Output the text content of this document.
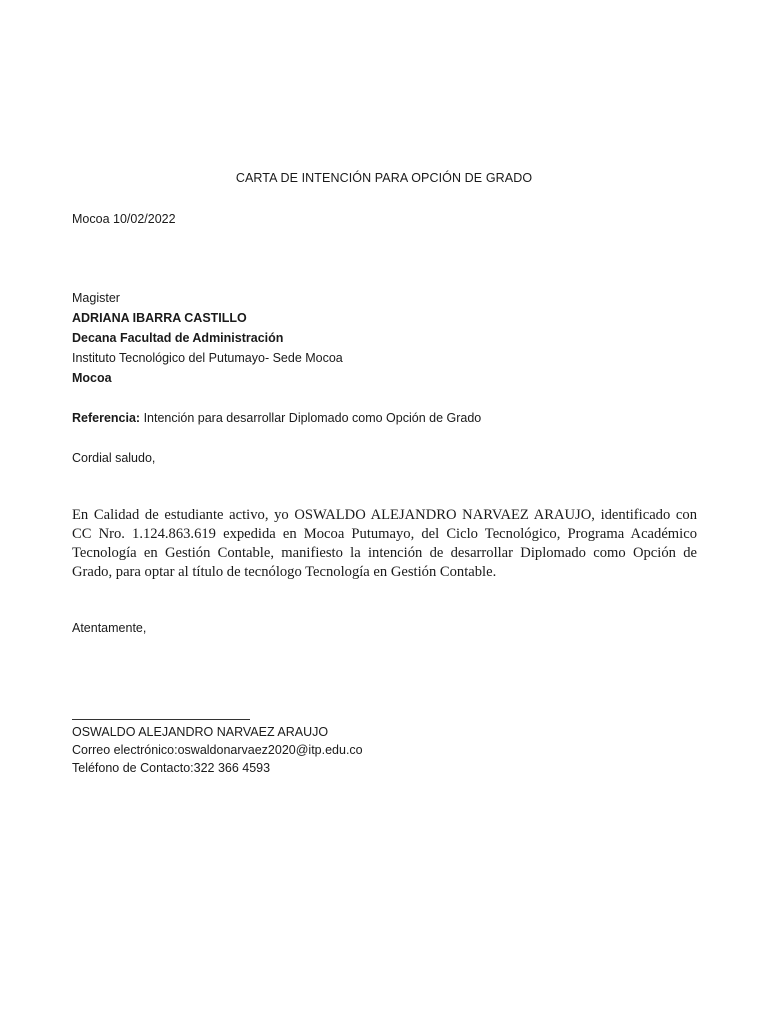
CARTA DE INTENCIÓN PARA OPCIÓN DE GRADO
Mocoa 10/02/2022
Magister
ADRIANA IBARRA CASTILLO
Decana Facultad de Administración
Instituto Tecnológico del Putumayo- Sede Mocoa
Mocoa
Referencia: Intención para desarrollar Diplomado como Opción de Grado
Cordial saludo,
En Calidad de estudiante activo, yo OSWALDO ALEJANDRO NARVAEZ ARAUJO, identificado con CC Nro. 1.124.863.619 expedida en Mocoa Putumayo, del Ciclo Tecnológico, Programa Académico Tecnología en Gestión Contable, manifiesto la intención de desarrollar Diplomado como Opción de Grado, para optar al título de tecnólogo Tecnología en Gestión Contable.
Atentamente,
OSWALDO ALEJANDRO NARVAEZ ARAUJO
Correo electrónico:oswaldonarvaez2020@itp.edu.co
Teléfono de Contacto:322 366 4593
